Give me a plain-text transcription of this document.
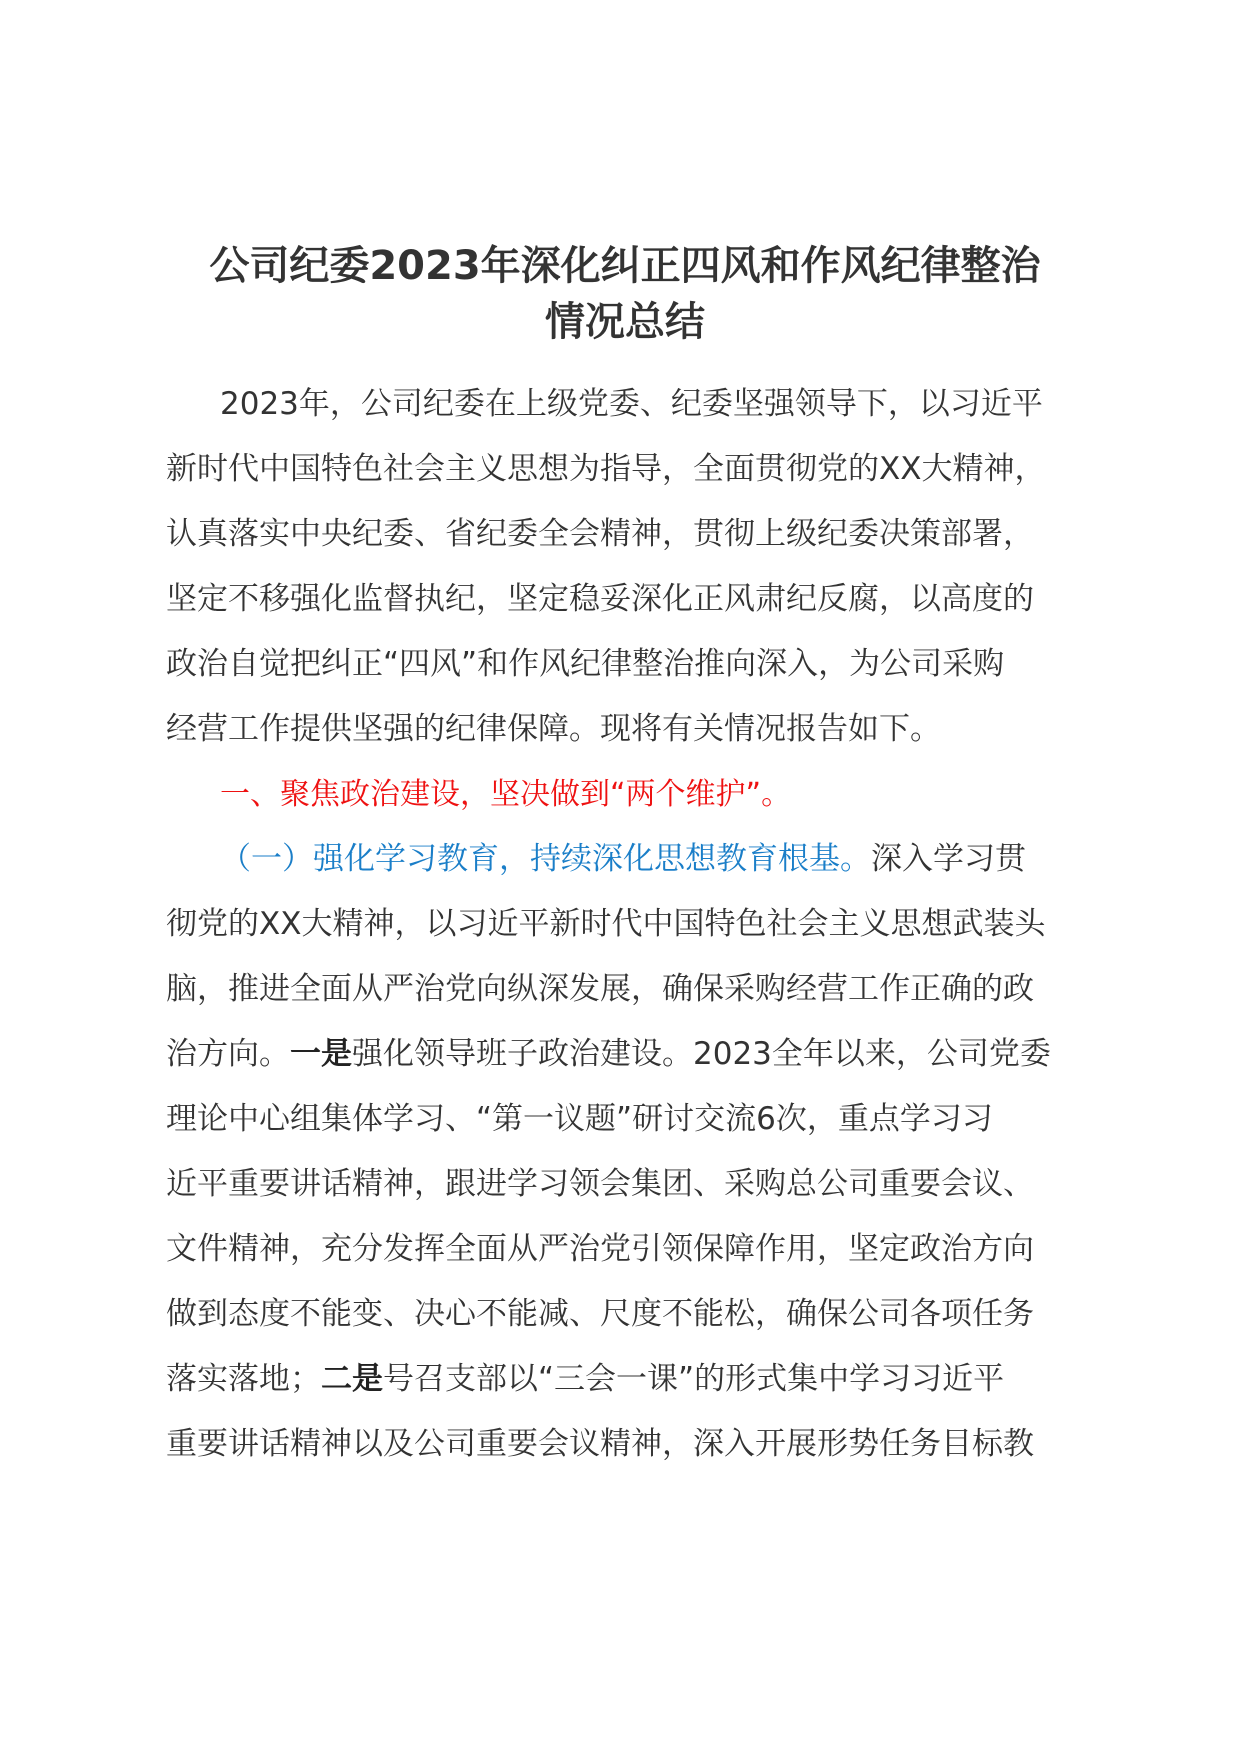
公司纪委2023年深化纠正四风和作风纪律整治
情况总结
2023年，公司纪委在上级党委、纪委坚强领导下，以习近平
新时代中国特色社会主义思想为指导，全面贯彻党的XX大精神，
认真落实中央纪委、省纪委全会精神，贯彻上级纪委决策部署，
坚定不移强化监督执纪，坚定稳妥深化正风肃纪反腐，以高度的
政治自觉把纠正“四风”和作风纪律整治推向深入，为公司采购
经营工作提供坚强的纪律保障。现将有关情况报告如下。
一、聚焦政治建设，坚决做到“两个维护”。
（一）强化学习教育，持续深化思想教育根基。深入学习贯
彻党的XX大精神，以习近平新时代中国特色社会主义思想武装头
脑，推进全面从严治党向纵深发展，确保采购经营工作正确的政
治方向。一是强化领导班子政治建设。2023全年以来，公司党委
理论中心组集体学习、“第一议题”研讨交流6次，重点学习习
近平重要讲话精神，跟进学习领会集团、采购总公司重要会议、
文件精神，充分发挥全面从严治党引领保障作用，坚定政治方向
做到态度不能变、决心不能减、尺度不能松，确保公司各项任务
落实落地；二是号召支部以“三会一课”的形式集中学习习近平
重要讲话精神以及公司重要会议精神，深入开展形势任务目标教
